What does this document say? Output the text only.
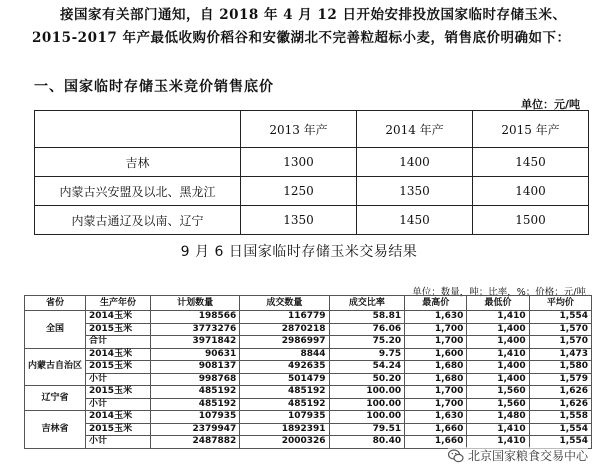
接国家有关部门通知，自 2018 年 4 月 12 日开始安排投放国家临时存储玉米、2015-2017 年产最低收购价稻谷和安徽湖北不完善粒超标小麦，销售底价明确如下：

一、国家临时存储玉米竞价销售底价
单位：元/吨
	2013 年产	2014 年产	2015 年产
吉林	1300	1400	1450
内蒙古兴安盟及以北、黑龙江	1250	1350	1400
内蒙古通辽及以南、辽宁	1350	1450	1500
9 月 6 日国家临时存储玉米交易结果
单位：数量，吨；比率，%；价格：元/吨
省份	生产年份	计划数量	成交数量	成交比率	最高价	最低价	平均价
全国	2014玉米	198566	116779	58.81	1,630	1,410	1,554
	2015玉米	3773276	2870218	76.06	1,700	1,400	1,570
	合计	3971842	2986997	75.20	1,700	1,400	1,570
内蒙古自治区	2014玉米	90631	8844	9.75	1,600	1,410	1,473
	2015玉米	908137	492635	54.24	1,680	1,400	1,580
	小计	998768	501479	50.20	1,680	1,400	1,579
辽宁省	2015玉米	485192	485192	100.00	1,700	1,560	1,626
	小计	485192	485192	100.00	1,700	1,560	1,626
吉林省	2014玉米	107935	107935	100.00	1,630	1,480	1,558
	2015玉米	2379947	1892391	79.51	1,660	1,410	1,554
	小计	2487882	2000326	80.40	1,660	1,410	1,554
北京国家粮食交易中心
